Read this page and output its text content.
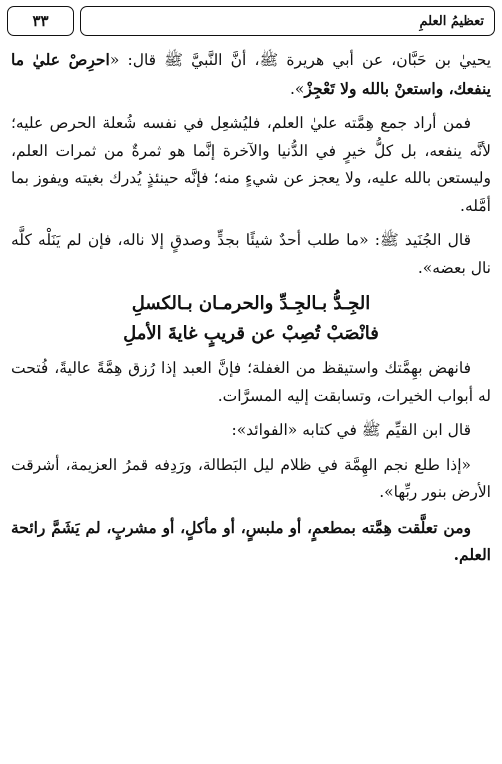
تعظيمُ العلمِ
٣٣

يحييٰ بن حَبَّان، عن أبي هريرة ﷺ، أنَّ النَّبيَّ ﷺ قال: «احرِصْ عليٰ ما ينفعك، واستعنْ بالله ولا تَعْجِزْ».

فمن أراد جمع هِمَّته عليٰ العلم، فليُشعِل في نفسه شُعلة الحرص عليه؛ لأنَّه ينفعه، بل كلُّ خيرٍ في الدُّنيا والآخرة إنَّما هو ثمرةٌ من ثمرات العلم، وليستعن بالله عليه، ولا يعجز عن شيءٍ منه؛ فإنَّه حينئذٍ يُدرك بغيته ويفوز بما أمَّله.

قال الجُنَيد ﷺ: «ما طلب أحدٌ شيئًا بجدٍّ وصدقٍ إلا ناله، فإن لم يَنَلْه كلَّه نال بعضه».

الجِـدُّ بـالجِـدِّ والحرمـان بـالكسلِ
فانْصَبْ تُصِبْ عن قريبٍ غايةَ الأملِ

فانهض بهِمَّتك واستيقظ من الغفلة؛ فإنَّ العبد إذا رُزق هِمَّةً عاليةً، فُتحت له أبواب الخيرات، وتسابقت إليه المسرَّات.

قال ابن القيِّم ﷺ في كتابه «الفوائد»:

«إذا طلع نجم الهِمَّة في ظلام ليل البَطالة، ورَدِفه قمرُ العزيمة، أشرقت الأرض بنور ربِّها».

ومن تعلَّقت هِمَّته بمطعمٍ، أو ملبسٍ، أو مأكلٍ، أو مشربٍ، لم يَشَمَّ رائحة العلم.
